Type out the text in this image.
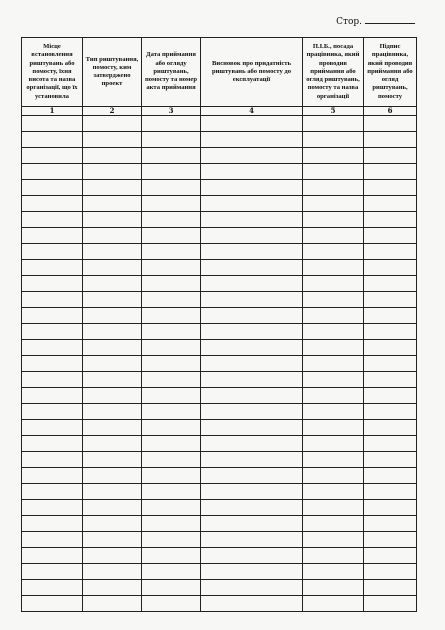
Стор.
Місце встановлення риштувань або помосту, їхня висота та назва організації, що їх установила	Тип риштування, помосту, ким затверджено проект	Дата приймання або огляду риштувань, помосту та номер акта приймання	Висновок про придатність риштувань або помосту до експлуатації	П.І.Б., посада працівника, який проводив приймання або огляд риштувань, помосту та назва організації	Підпис працівника, який проводив приймання або огляд риштувань, помосту
1	2	3	4	5	6
